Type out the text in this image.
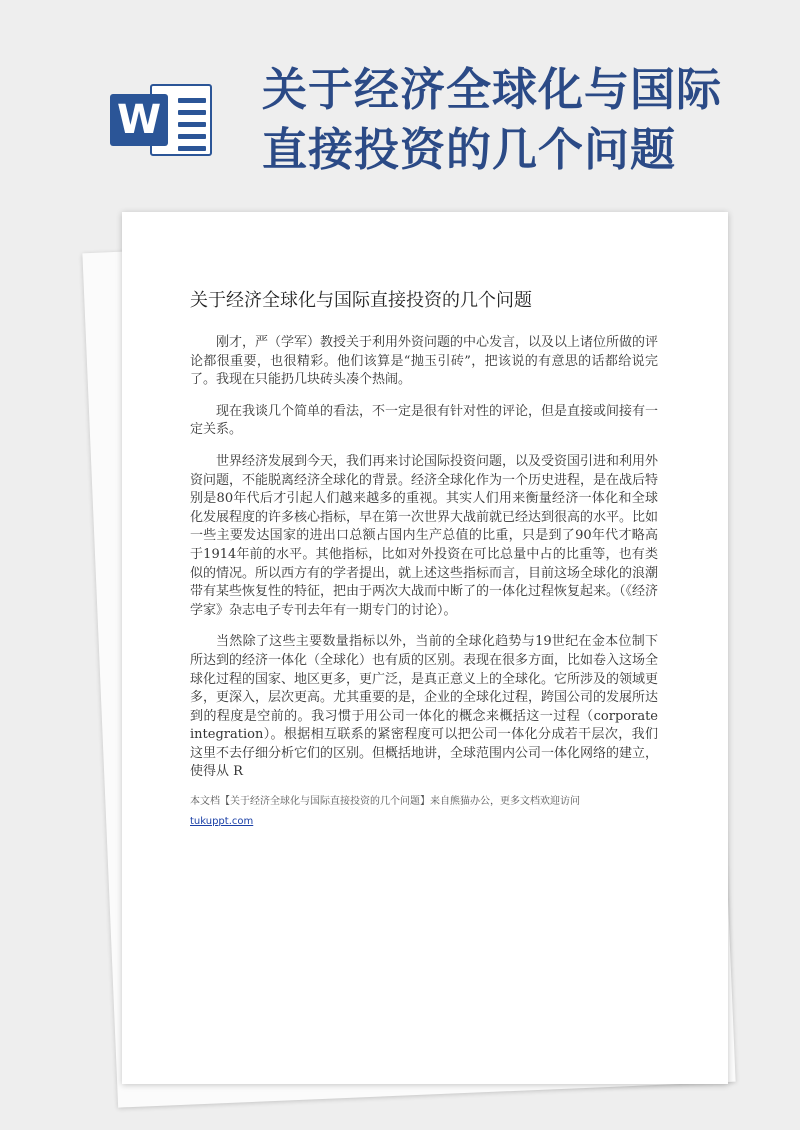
W
关于经济全球化与国际直接投资的几个问题
关于经济全球化与国际直接投资的几个问题

刚才，严（学军）教授关于利用外资问题的中心发言，以及以上诸位所做的评论都很重要，也很精彩。他们该算是“抛玉引砖”，把该说的有意思的话都给说完了。我现在只能扔几块砖头凑个热闹。

现在我谈几个简单的看法，不一定是很有针对性的评论，但是直接或间接有一定关系。

世界经济发展到今天，我们再来讨论国际投资问题，以及受资国引进和利用外资问题，不能脱离经济全球化的背景。经济全球化作为一个历史进程，是在战后特别是80年代后才引起人们越来越多的重视。其实人们用来衡量经济一体化和全球化发展程度的许多核心指标，早在第一次世界大战前就已经达到很高的水平。比如一些主要发达国家的进出口总额占国内生产总值的比重，只是到了90年代才略高于1914年前的水平。其他指标，比如对外投资在可比总量中占的比重等，也有类似的情况。所以西方有的学者提出，就上述这些指标而言，目前这场全球化的浪潮带有某些恢复性的特征，把由于两次大战而中断了的一体化过程恢复起来。（《经济学家》杂志电子专刊去年有一期专门的讨论）。

当然除了这些主要数量指标以外，当前的全球化趋势与19世纪在金本位制下所达到的经济一体化（全球化）也有质的区别。表现在很多方面，比如卷入这场全球化过程的国家、地区更多，更广泛，是真正意义上的全球化。它所涉及的领域更多，更深入，层次更高。尤其重要的是，企业的全球化过程，跨国公司的发展所达到的程度是空前的。我习惯于用公司一体化的概念来概括这一过程（corporate integration）。根据相互联系的紧密程度可以把公司一体化分成若干层次，我们这里不去仔细分析它们的区别。但概括地讲，全球范围内公司一体化网络的建立，使得从 R

本文档【关于经济全球化与国际直接投资的几个问题】来自熊猫办公，更多文档欢迎访问
tukuppt.com
